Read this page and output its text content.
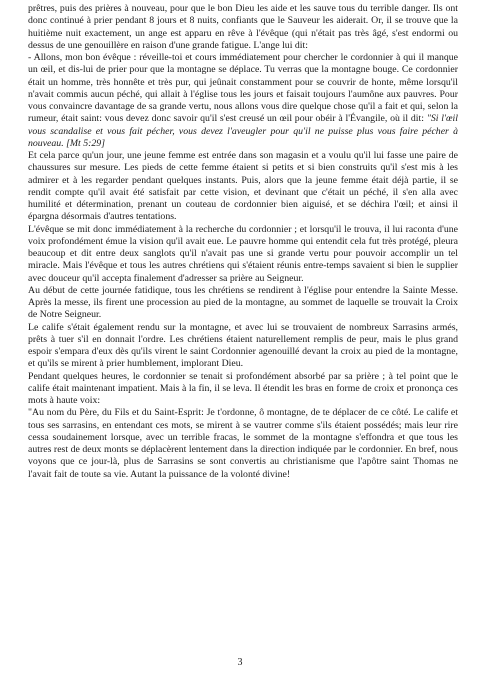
prêtres, puis des prières à nouveau, pour que le bon Dieu les aide et les sauve tous du terrible danger. Ils ont donc continué à prier pendant 8 jours et 8 nuits, confiants que le Sauveur les aiderait. Or, il se trouve que la huitième nuit exactement, un ange est apparu en rêve à l'évêque (qui n'était pas très âgé, s'est endormi ou dessus de une genouillère en raison d'une grande fatigue. L'ange lui dit:

- Allons, mon bon évêque : réveille-toi et cours immédiatement pour chercher le cordonnier à qui il manque un œil, et dis-lui de prier pour que la montagne se déplace. Tu verras que la montagne bouge. Ce cordonnier était un homme, très honnête et très pur, qui jeûnait constamment pour se couvrir de honte, même lorsqu'il n'avait commis aucun péché, qui allait à l'église tous les jours et faisait toujours l'aumône aux pauvres. Pour vous convaincre davantage de sa grande vertu, nous allons vous dire quelque chose qu'il a fait et qui, selon la rumeur, était saint: vous devez donc savoir qu'il s'est creusé un œil pour obéir à l'Évangile, où il dit: "Si l'œil vous scandalise et vous fait pécher, vous devez l'aveugler pour qu'il ne puisse plus vous faire pécher à nouveau. [Mt 5:29]

Et cela parce qu'un jour, une jeune femme est entrée dans son magasin et a voulu qu'il lui fasse une paire de chaussures sur mesure. Les pieds de cette femme étaient si petits et si bien construits qu'il s'est mis à les admirer et à les regarder pendant quelques instants. Puis, alors que la jeune femme était déjà partie, il se rendit compte qu'il avait été satisfait par cette vision, et devinant que c'était un péché, il s'en alla avec humilité et détermination, prenant un couteau de cordonnier bien aiguisé, et se déchira l'œil; et ainsi il épargna désormais d'autres tentations.

L'évêque se mit donc immédiatement à la recherche du cordonnier ; et lorsqu'il le trouva, il lui raconta d'une voix profondément émue la vision qu'il avait eue. Le pauvre homme qui entendit cela fut très protégé, pleura beaucoup et dit entre deux sanglots qu'il n'avait pas une si grande vertu pour pouvoir accomplir un tel miracle. Mais l'évêque et tous les autres chrétiens qui s'étaient réunis entre-temps savaient si bien le supplier avec douceur qu'il accepta finalement d'adresser sa prière au Seigneur.

Au début de cette journée fatidique, tous les chrétiens se rendirent à l'église pour entendre la Sainte Messe. Après la messe, ils firent une procession au pied de la montagne, au sommet de laquelle se trouvait la Croix de Notre Seigneur.

Le calife s'était également rendu sur la montagne, et avec lui se trouvaient de nombreux Sarrasins armés, prêts à tuer s'il en donnait l'ordre. Les chrétiens étaient naturellement remplis de peur, mais le plus grand espoir s'empara d'eux dès qu'ils virent le saint Cordonnier agenouillé devant la croix au pied de la montagne, et qu'ils se mirent à prier humblement, implorant Dieu.

Pendant quelques heures, le cordonnier se tenait si profondément absorbé par sa prière ; à tel point que le calife était maintenant impatient. Mais à la fin, il se leva. Il étendit les bras en forme de croix et prononça ces mots à haute voix:

"Au nom du Père, du Fils et du Saint-Esprit: Je t'ordonne, ô montagne, de te déplacer de ce côté. Le calife et tous ses sarrasins, en entendant ces mots, se mirent à se vautrer comme s'ils étaient possédés; mais leur rire cessa soudainement lorsque, avec un terrible fracas, le sommet de la montagne s'effondra et que tous les autres rest de deux monts se déplacèrent lentement dans la direction indiquée par le cordonnier. En bref, nous voyons que ce jour-là, plus de Sarrasins se sont convertis au christianisme que l'apôtre saint Thomas ne l'avait fait de toute sa vie. Autant la puissance de la volonté divine!

3
